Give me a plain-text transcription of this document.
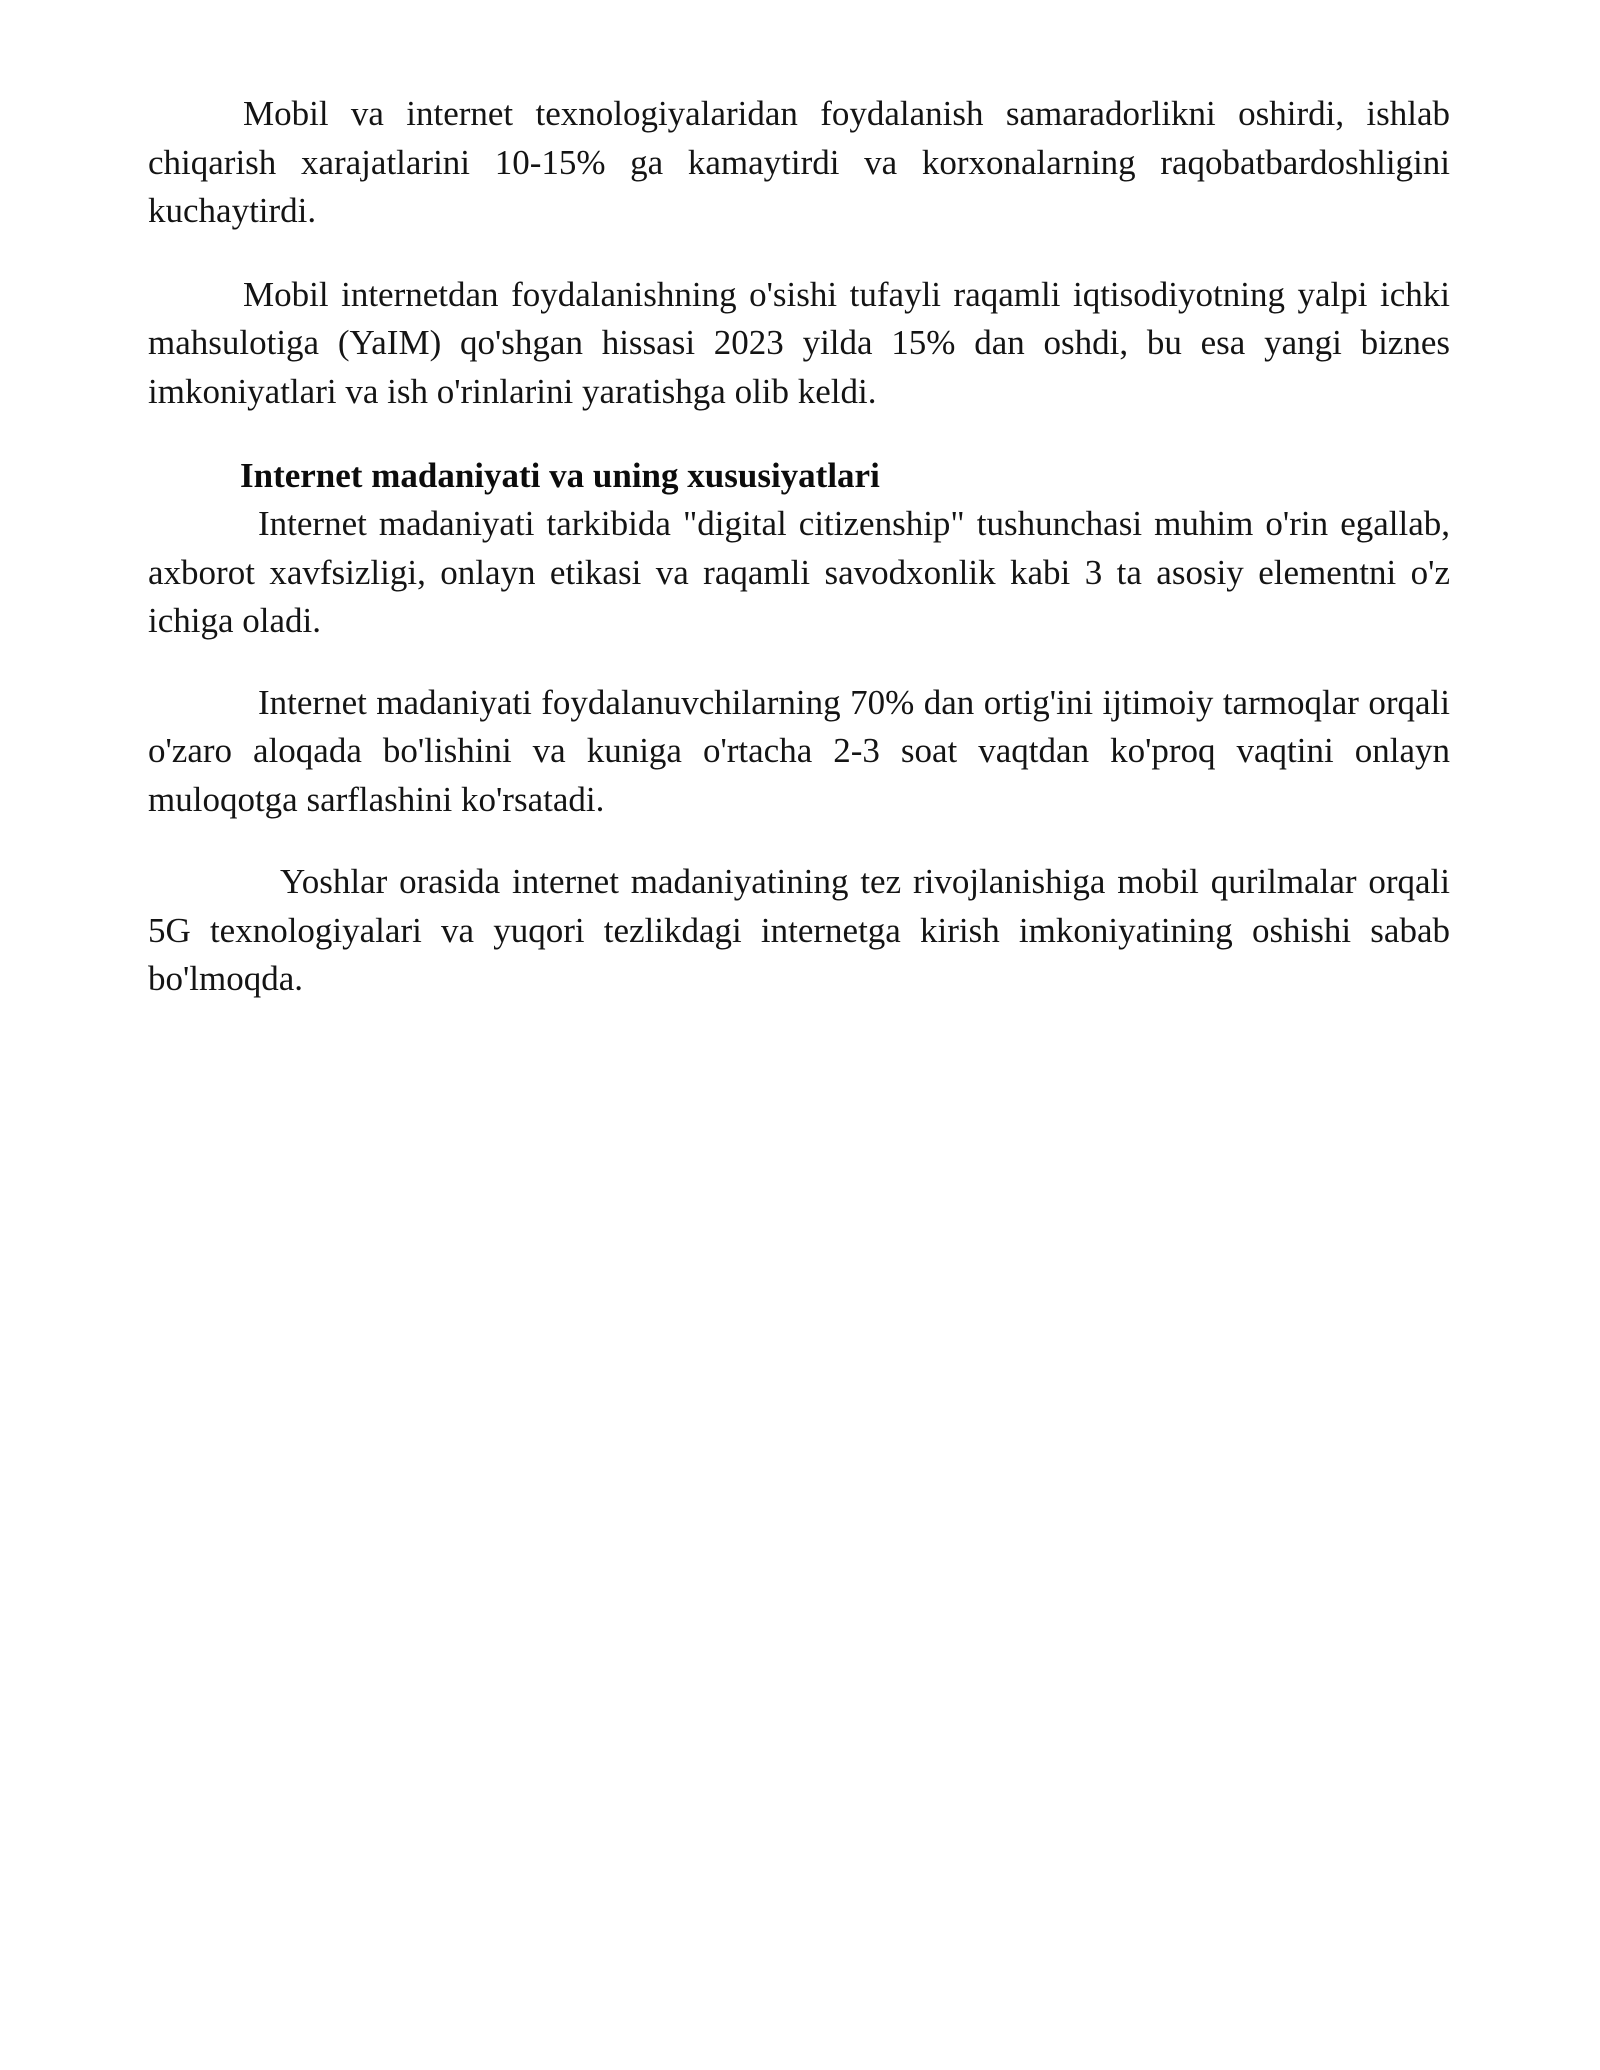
Mobil va internet texnologiyalaridan foydalanish samaradorlikni oshirdi, ishlab chiqarish xarajatlarini 10-15% ga kamaytirdi va korxonalarning raqobatbardoshligini kuchaytirdi.

Mobil internetdan foydalanishning o'sishi tufayli raqamli iqtisodiyotning yalpi ichki mahsulotiga (YaIM) qo'shgan hissasi 2023 yilda 15% dan oshdi, bu esa yangi biznes imkoniyatlari va ish o'rinlarini yaratishga olib keldi.

Internet madaniyati va uning xususiyatlari

Internet madaniyati tarkibida "digital citizenship" tushunchasi muhim o'rin egallab, axborot xavfsizligi, onlayn etikasi va raqamli savodxonlik kabi 3 ta asosiy elementni o'z ichiga oladi.

Internet madaniyati foydalanuvchilarning 70% dan ortig'ini ijtimoiy tarmoqlar orqali o'zaro aloqada bo'lishini va kuniga o'rtacha 2-3 soat vaqtdan ko'proq vaqtini onlayn muloqotga sarflashini ko'rsatadi.

Yoshlar orasida internet madaniyatining tez rivojlanishiga mobil qurilmalar orqali 5G texnologiyalari va yuqori tezlikdagi internetga kirish imkoniyatining oshishi sabab bo'lmoqda.
